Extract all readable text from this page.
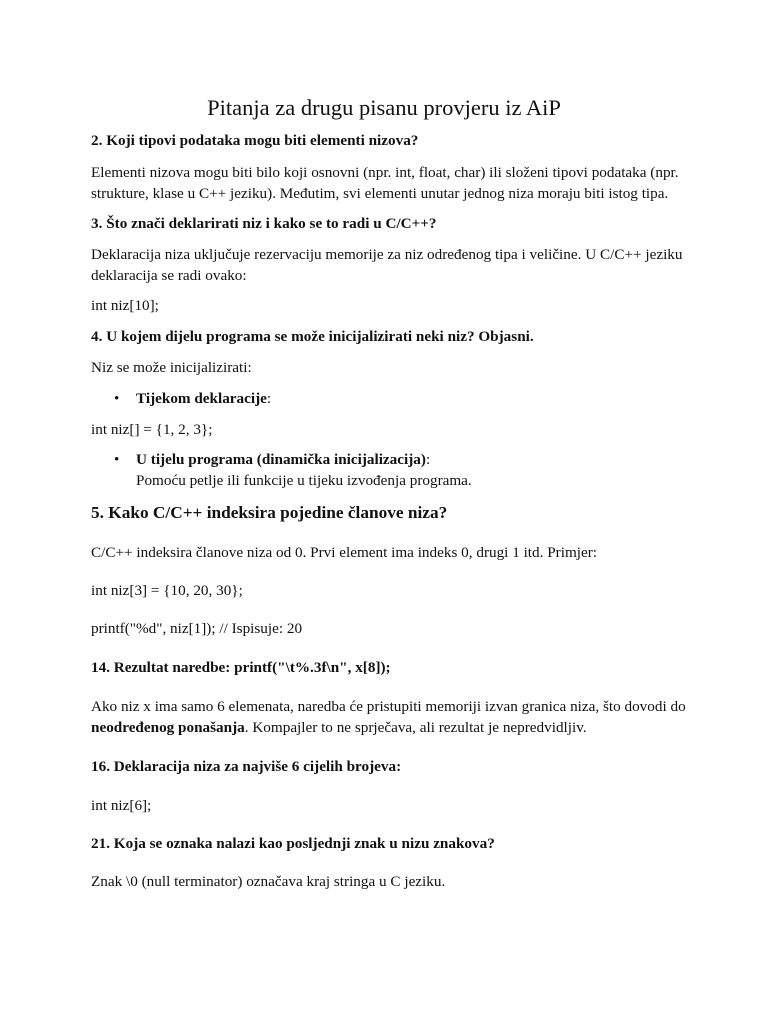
Pitanja za drugu pisanu provjeru iz AiP

2. Koji tipovi podataka mogu biti elementi nizova?

Elementi nizova mogu biti bilo koji osnovni (npr. int, float, char) ili složeni tipovi podataka (npr. strukture, klase u C++ jeziku). Međutim, svi elementi unutar jednog niza moraju biti istog tipa.

3. Što znači deklarirati niz i kako se to radi u C/C++?

Deklaracija niza uključuje rezervaciju memorije za niz određenog tipa i veličine. U C/C++ jeziku deklaracija se radi ovako:

int niz[10];

4. U kojem dijelu programa se može inicijalizirati neki niz? Objasni.

Niz se može inicijalizirati:

• Tijekom deklaracije:

int niz[] = {1, 2, 3};

• U tijelu programa (dinamička inicijalizacija):
Pomoću petlje ili funkcije u tijeku izvođenja programa.

5. Kako C/C++ indeksira pojedine članove niza?

C/C++ indeksira članove niza od 0. Prvi element ima indeks 0, drugi 1 itd. Primjer:

int niz[3] = {10, 20, 30};

printf("%d", niz[1]); // Ispisuje: 20

14. Rezultat naredbe: printf("\t%.3f\n", x[8]);

Ako niz x ima samo 6 elemenata, naredba će pristupiti memoriji izvan granica niza, što dovodi do neodređenog ponašanja. Kompajler to ne sprječava, ali rezultat je nepredvidljiv.

16. Deklaracija niza za najviše 6 cijelih brojeva:

int niz[6];

21. Koja se oznaka nalazi kao posljednji znak u nizu znakova?

Znak \0 (null terminator) označava kraj stringa u C jeziku.
